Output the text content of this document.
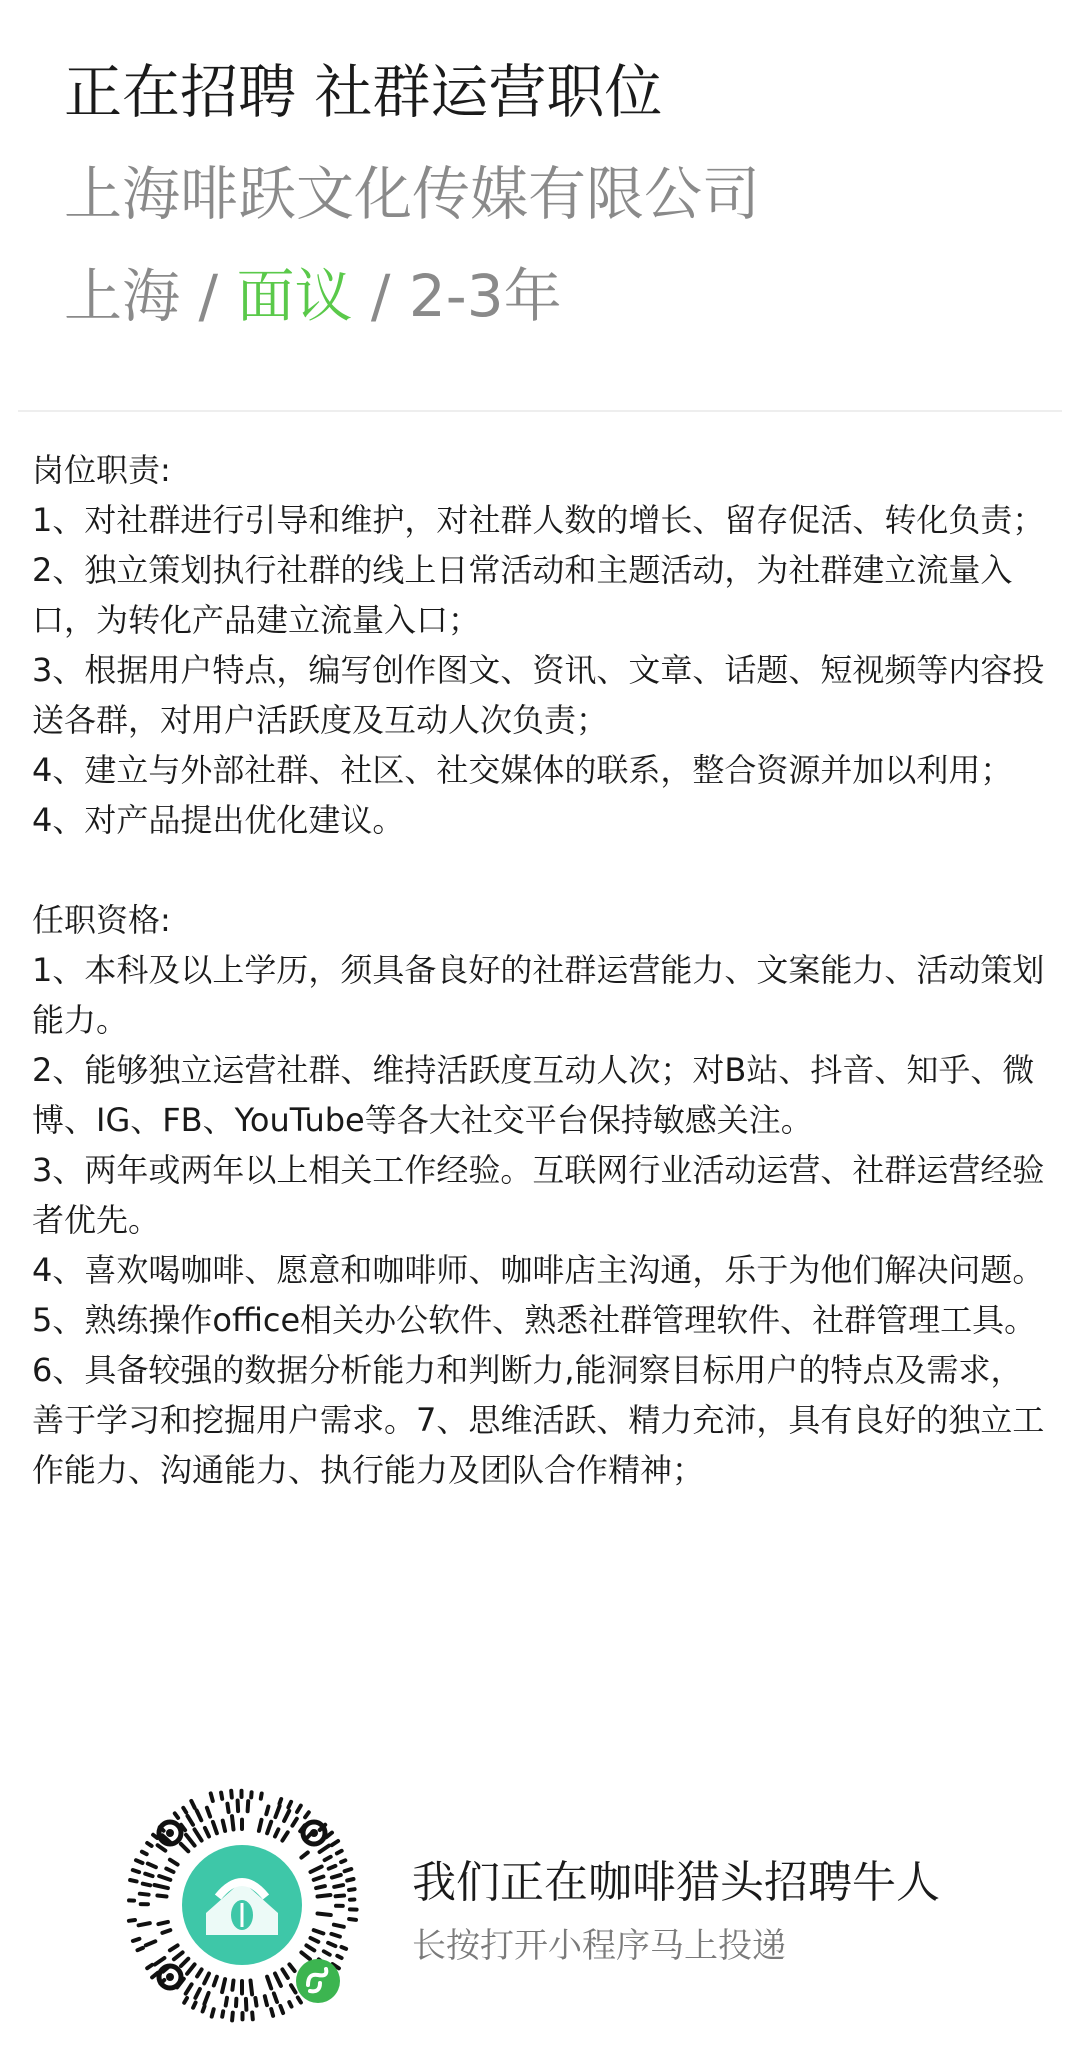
正在招聘 社群运营职位
上海啡跃文化传媒有限公司
上海 / 面议 / 2-3年

岗位职责:

1、对社群进行引导和维护，对社群人数的增长、留存促活、转化负责；

2、独立策划执行社群的线上日常活动和主题活动，为社群建立流量入口，为转化产品建立流量入口；

3、根据用户特点，编写创作图文、资讯、文章、话题、短视频等内容投送各群，对用户活跃度及互动人次负责；

4、建立与外部社群、社区、社交媒体的联系，整合资源并加以利用；

4、对产品提出优化建议。

任职资格:

1、本科及以上学历，须具备良好的社群运营能力、文案能力、活动策划能力。

2、能够独立运营社群、维持活跃度互动人次；对B站、抖音、知乎、微博、IG、FB、YouTube等各大社交平台保持敏感关注。

3、两年或两年以上相关工作经验。互联网行业活动运营、社群运营经验者优先。

4、喜欢喝咖啡、愿意和咖啡师、咖啡店主沟通，乐于为他们解决问题。

5、熟练操作office相关办公软件、熟悉社群管理软件、社群管理工具。

6、具备较强的数据分析能力和判断力,能洞察目标用户的特点及需求，善于学习和挖掘用户需求。7、思维活跃、精力充沛，具有良好的独立工作能力、沟通能力、执行能力及团队合作精神；

我们正在咖啡猎头招聘牛人
长按打开小程序马上投递
